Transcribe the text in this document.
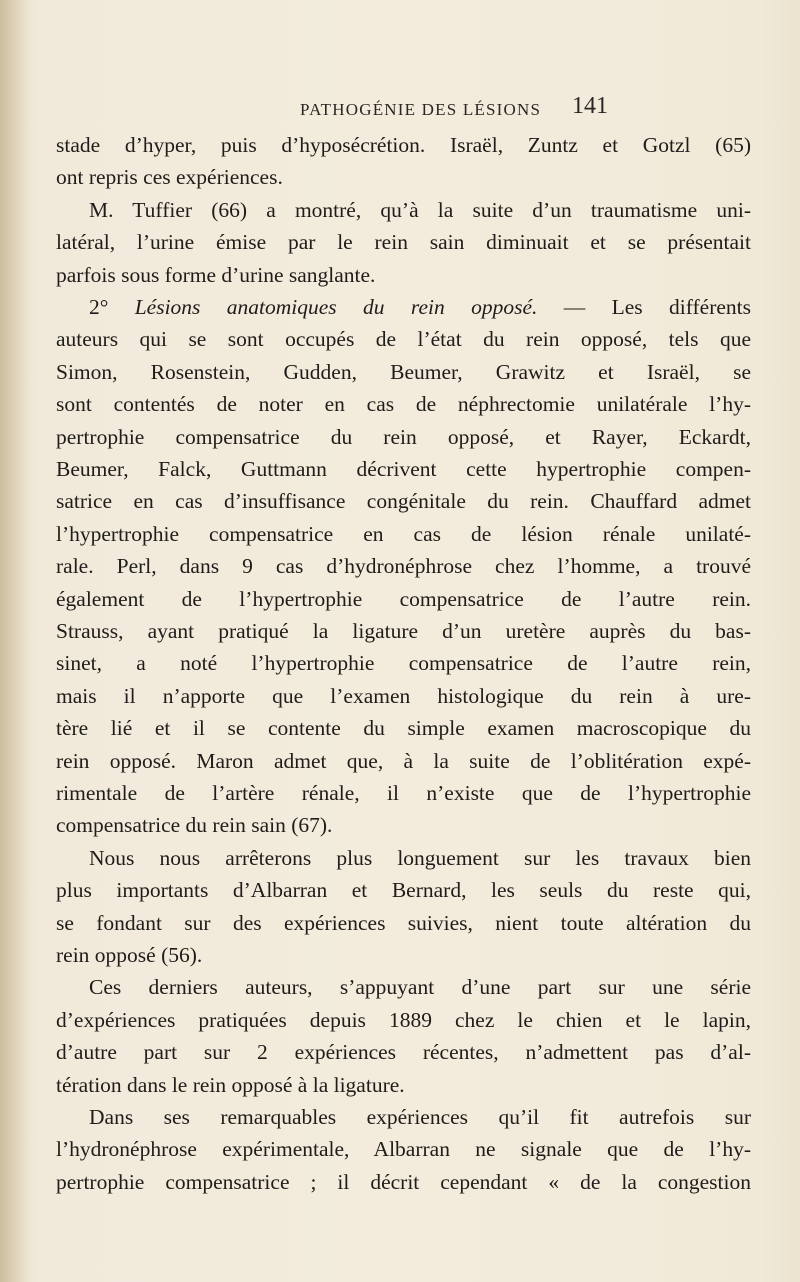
PATHOGÉNIE DES LÉSIONS 141
stade d’hyper, puis d’hyposécrétion. Israël, Zuntz et Gotzl (65)
ont repris ces expériences.
M. Tuffier (66) a montré, qu’à la suite d’un traumatisme uni-
latéral, l’urine émise par le rein sain diminuait et se présentait
parfois sous forme d’urine sanglante.
2° Lésions anatomiques du rein opposé. — Les différents
auteurs qui se sont occupés de l’état du rein opposé, tels que
Simon, Rosenstein, Gudden, Beumer, Grawitz et Israël, se
sont contentés de noter en cas de néphrectomie unilatérale l’hy-
pertrophie compensatrice du rein opposé, et Rayer, Eckardt,
Beumer, Falck, Guttmann décrivent cette hypertrophie compen-
satrice en cas d’insuffisance congénitale du rein. Chauffard admet
l’hypertrophie compensatrice en cas de lésion rénale unilaté-
rale. Perl, dans 9 cas d’hydronéphrose chez l’homme, a trouvé
également de l’hypertrophie compensatrice de l’autre rein.
Strauss, ayant pratiqué la ligature d’un uretère auprès du bas-
sinet, a noté l’hypertrophie compensatrice de l’autre rein,
mais il n’apporte que l’examen histologique du rein à ure-
tère lié et il se contente du simple examen macroscopique du
rein opposé. Maron admet que, à la suite de l’oblitération expé-
rimentale de l’artère rénale, il n’existe que de l’hypertrophie
compensatrice du rein sain (67).
Nous nous arrêterons plus longuement sur les travaux bien
plus importants d’Albarran et Bernard, les seuls du reste qui,
se fondant sur des expériences suivies, nient toute altération du
rein opposé (56).
Ces derniers auteurs, s’appuyant d’une part sur une série
d’expériences pratiquées depuis 1889 chez le chien et le lapin,
d’autre part sur 2 expériences récentes, n’admettent pas d’al-
tération dans le rein opposé à la ligature.
Dans ses remarquables expériences qu’il fit autrefois sur
l’hydronéphrose expérimentale, Albarran ne signale que de l’hy-
pertrophie compensatrice ; il décrit cependant « de la congestion
